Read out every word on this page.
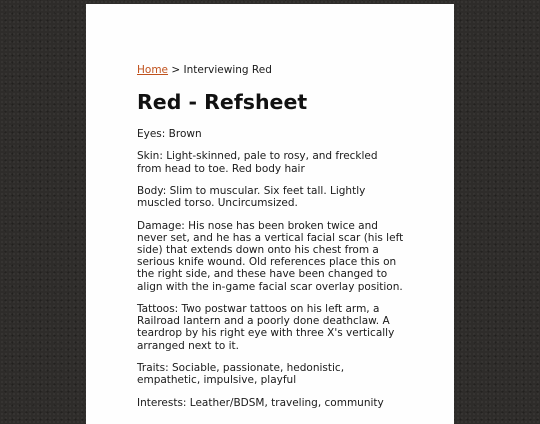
Home > Interviewing Red
Red - Refsheet

Eyes: Brown

Skin: Light-skinned, pale to rosy, and freckled from head to toe. Red body hair

Body: Slim to muscular. Six feet tall. Lightly muscled torso. Uncircumsized.

Damage: His nose has been broken twice and never set, and he has a vertical facial scar (his left side) that extends down onto his chest from a serious knife wound. Old references place this on the right side, and these have been changed to align with the in-game facial scar overlay position.

Tattoos: Two postwar tattoos on his left arm, a Railroad lantern and a poorly done deathclaw. A teardrop by his right eye with three X's vertically arranged next to it.

Traits: Sociable, passionate, hedonistic, empathetic, impulsive, playful

Interests: Leather/BDSM, traveling, community
